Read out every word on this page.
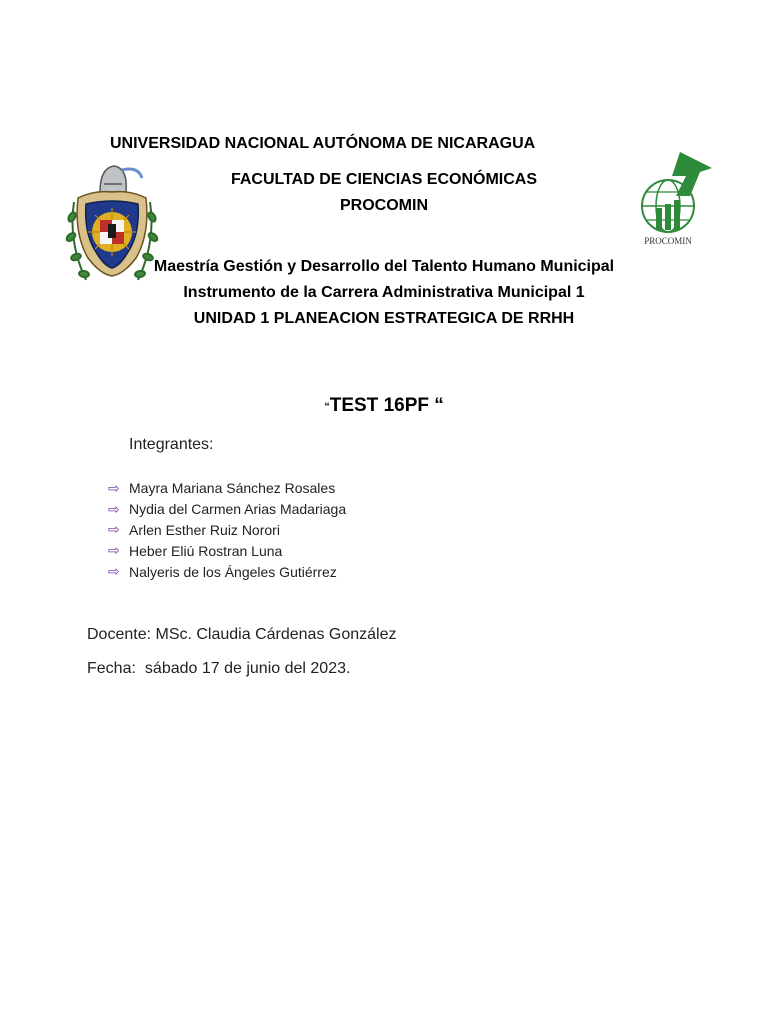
PROCOMIN
UNIVERSIDAD NACIONAL AUTÓNOMA DE NICARAGUA
FACULTAD DE CIENCIAS ECONÓMICAS
PROCOMIN
Maestría Gestión y Desarrollo del Talento Humano Municipal
Instrumento de la Carrera Administrativa Municipal 1
UNIDAD 1 PLANEACION ESTRATEGICA DE RRHH
“TEST 16PF “
Integrantes:
⇨ Mayra Mariana Sánchez Rosales
⇨ Nydia del Carmen Arias Madariaga
⇨ Arlen Esther Ruiz Norori
⇨ Heber Eliú Rostran Luna
⇨ Nalyeris de los Ángeles Gutiérrez
Docente: MSc. Claudia Cárdenas González
Fecha: sábado 17 de junio del 2023.
